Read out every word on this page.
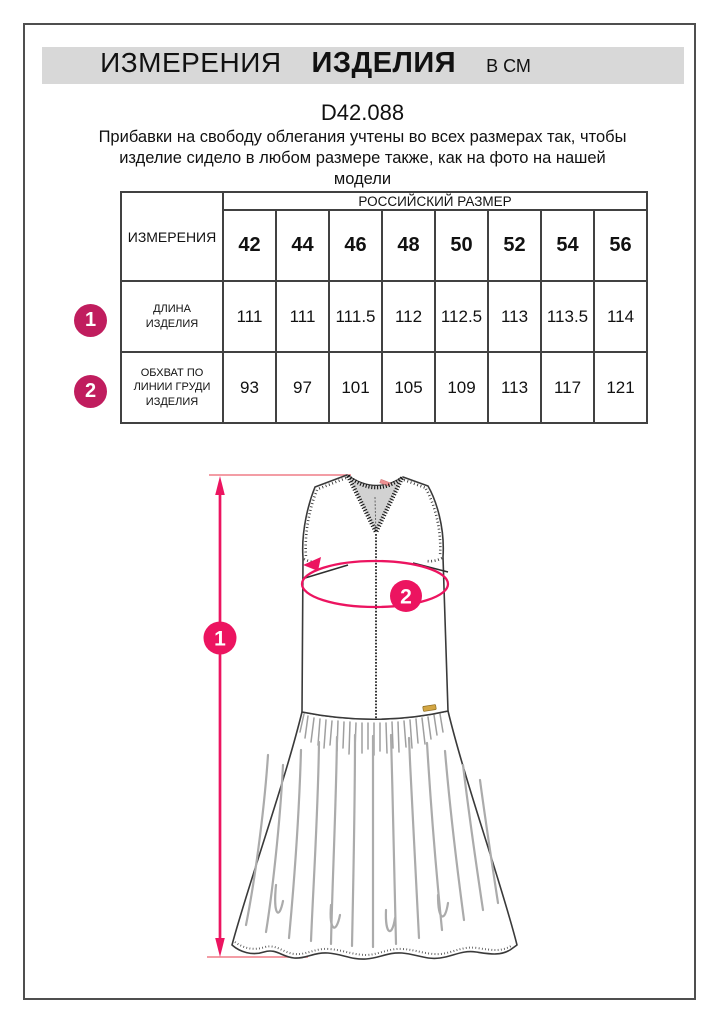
ИЗМЕРЕНИЯ ИЗДЕЛИЯ В СМ
D42.088
Прибавки на свободу облегания учтены во всех размерах так, чтобы
изделие сидело в любом размере также, как на фото на нашей
модели
ИЗМЕРЕНИЯ	РОССИЙСКИЙ РАЗМЕР							
	42	44	46	48	50	52	54	56

ДЛИНА ИЗДЕЛИЯ	111	111	111.5	112	112.5	113	113.5	114

ОБХВАТ ПО ЛИНИИ ГРУДИ ИЗДЕЛИЯ	93	97	101	105	109	113	117	121
1
2
1
2
